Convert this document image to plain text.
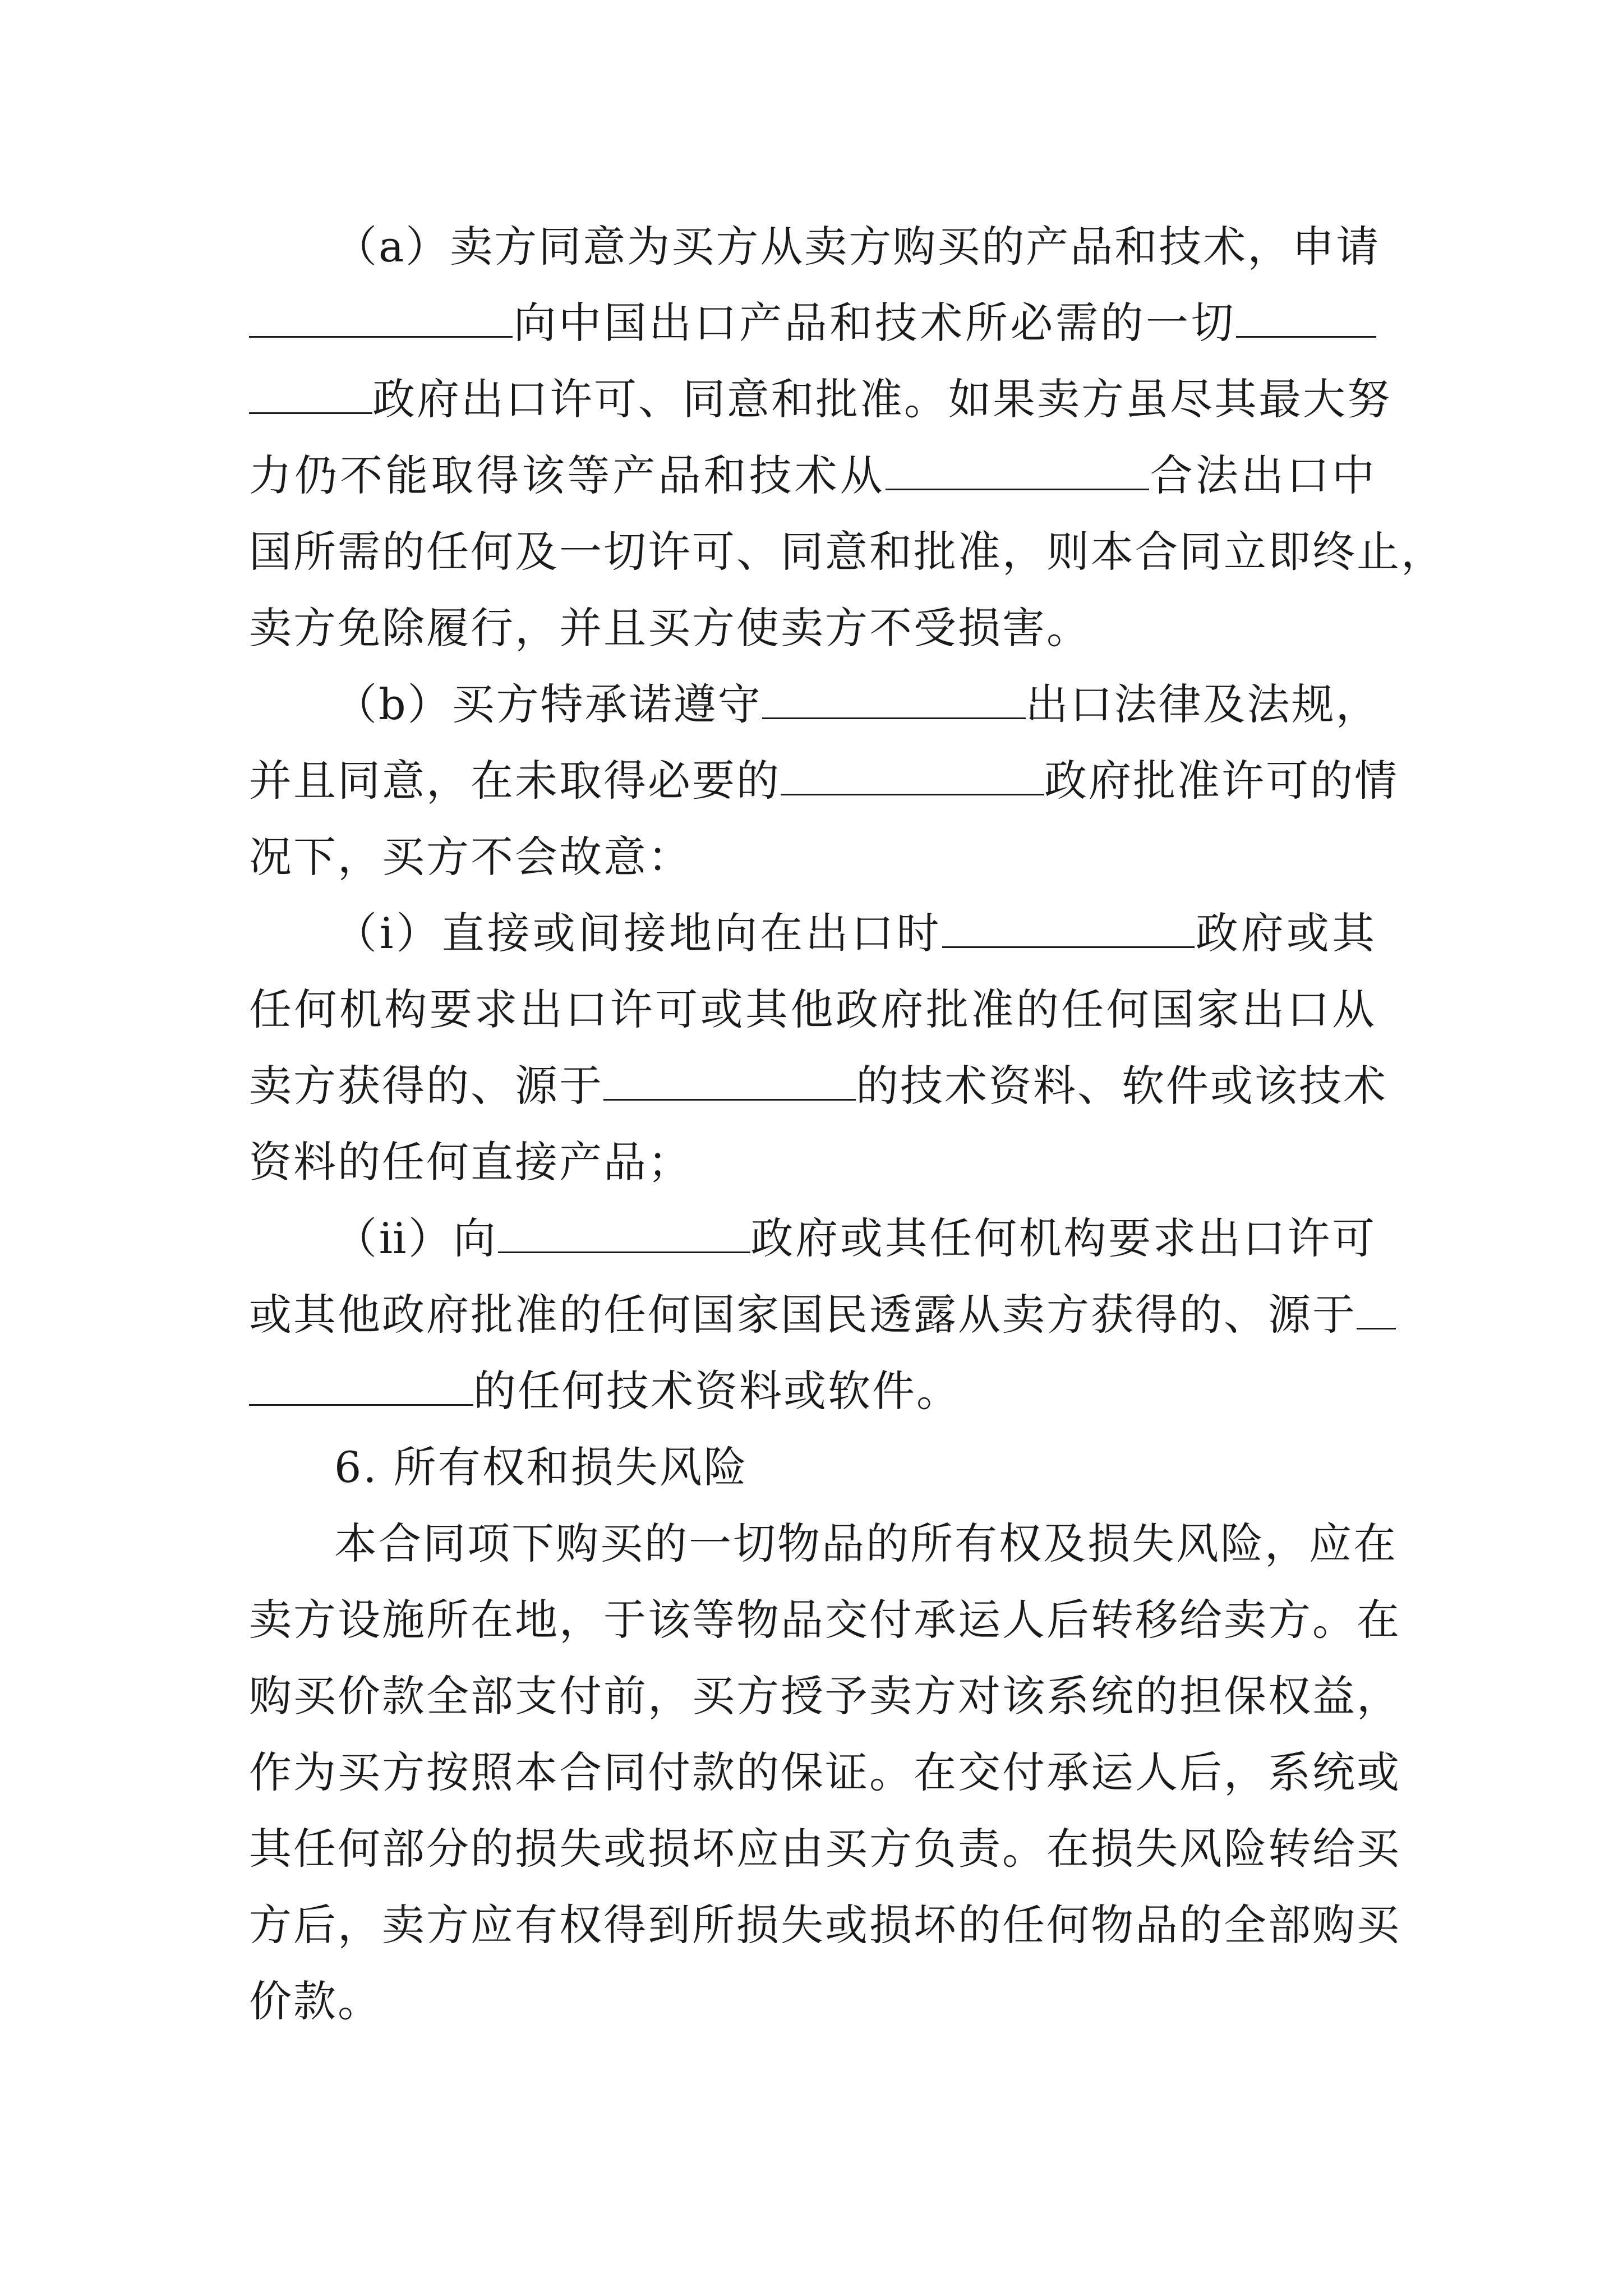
（a）卖方同意为买方从卖方购买的产品和技术，申请
向中国出口产品和技术所必需的一切
政府出口许可、同意和批准。如果卖方虽尽其最大努
力仍不能取得该等产品和技术从	合法出口中
国所需的任何及一切许可、同意和批准，则本合同立即终止，
卖方免除履行，并且买方使卖方不受损害。
（b）买方特承诺遵守	出口法律及法规，
并且同意，在未取得必要的	政府批准许可的情
况下，买方不会故意：
（ⅰ）直接或间接地向在出口时	政府或其
任何机构要求出口许可或其他政府批准的任何国家出口从
卖方获得的、源于	的技术资料、软件或该技术
资料的任何直接产品；
（ⅱ）向	政府或其任何机构要求出口许可
或其他政府批准的任何国家国民透露从卖方获得的、源于
的任何技术资料或软件。
6. 所有权和损失风险
本合同项下购买的一切物品的所有权及损失风险，应在
卖方设施所在地，于该等物品交付承运人后转移给卖方。在
购买价款全部支付前，买方授予卖方对该系统的担保权益，
作为买方按照本合同付款的保证。在交付承运人后，系统或
其任何部分的损失或损坏应由买方负责。在损失风险转给买
方后，卖方应有权得到所损失或损坏的任何物品的全部购买
价款。
